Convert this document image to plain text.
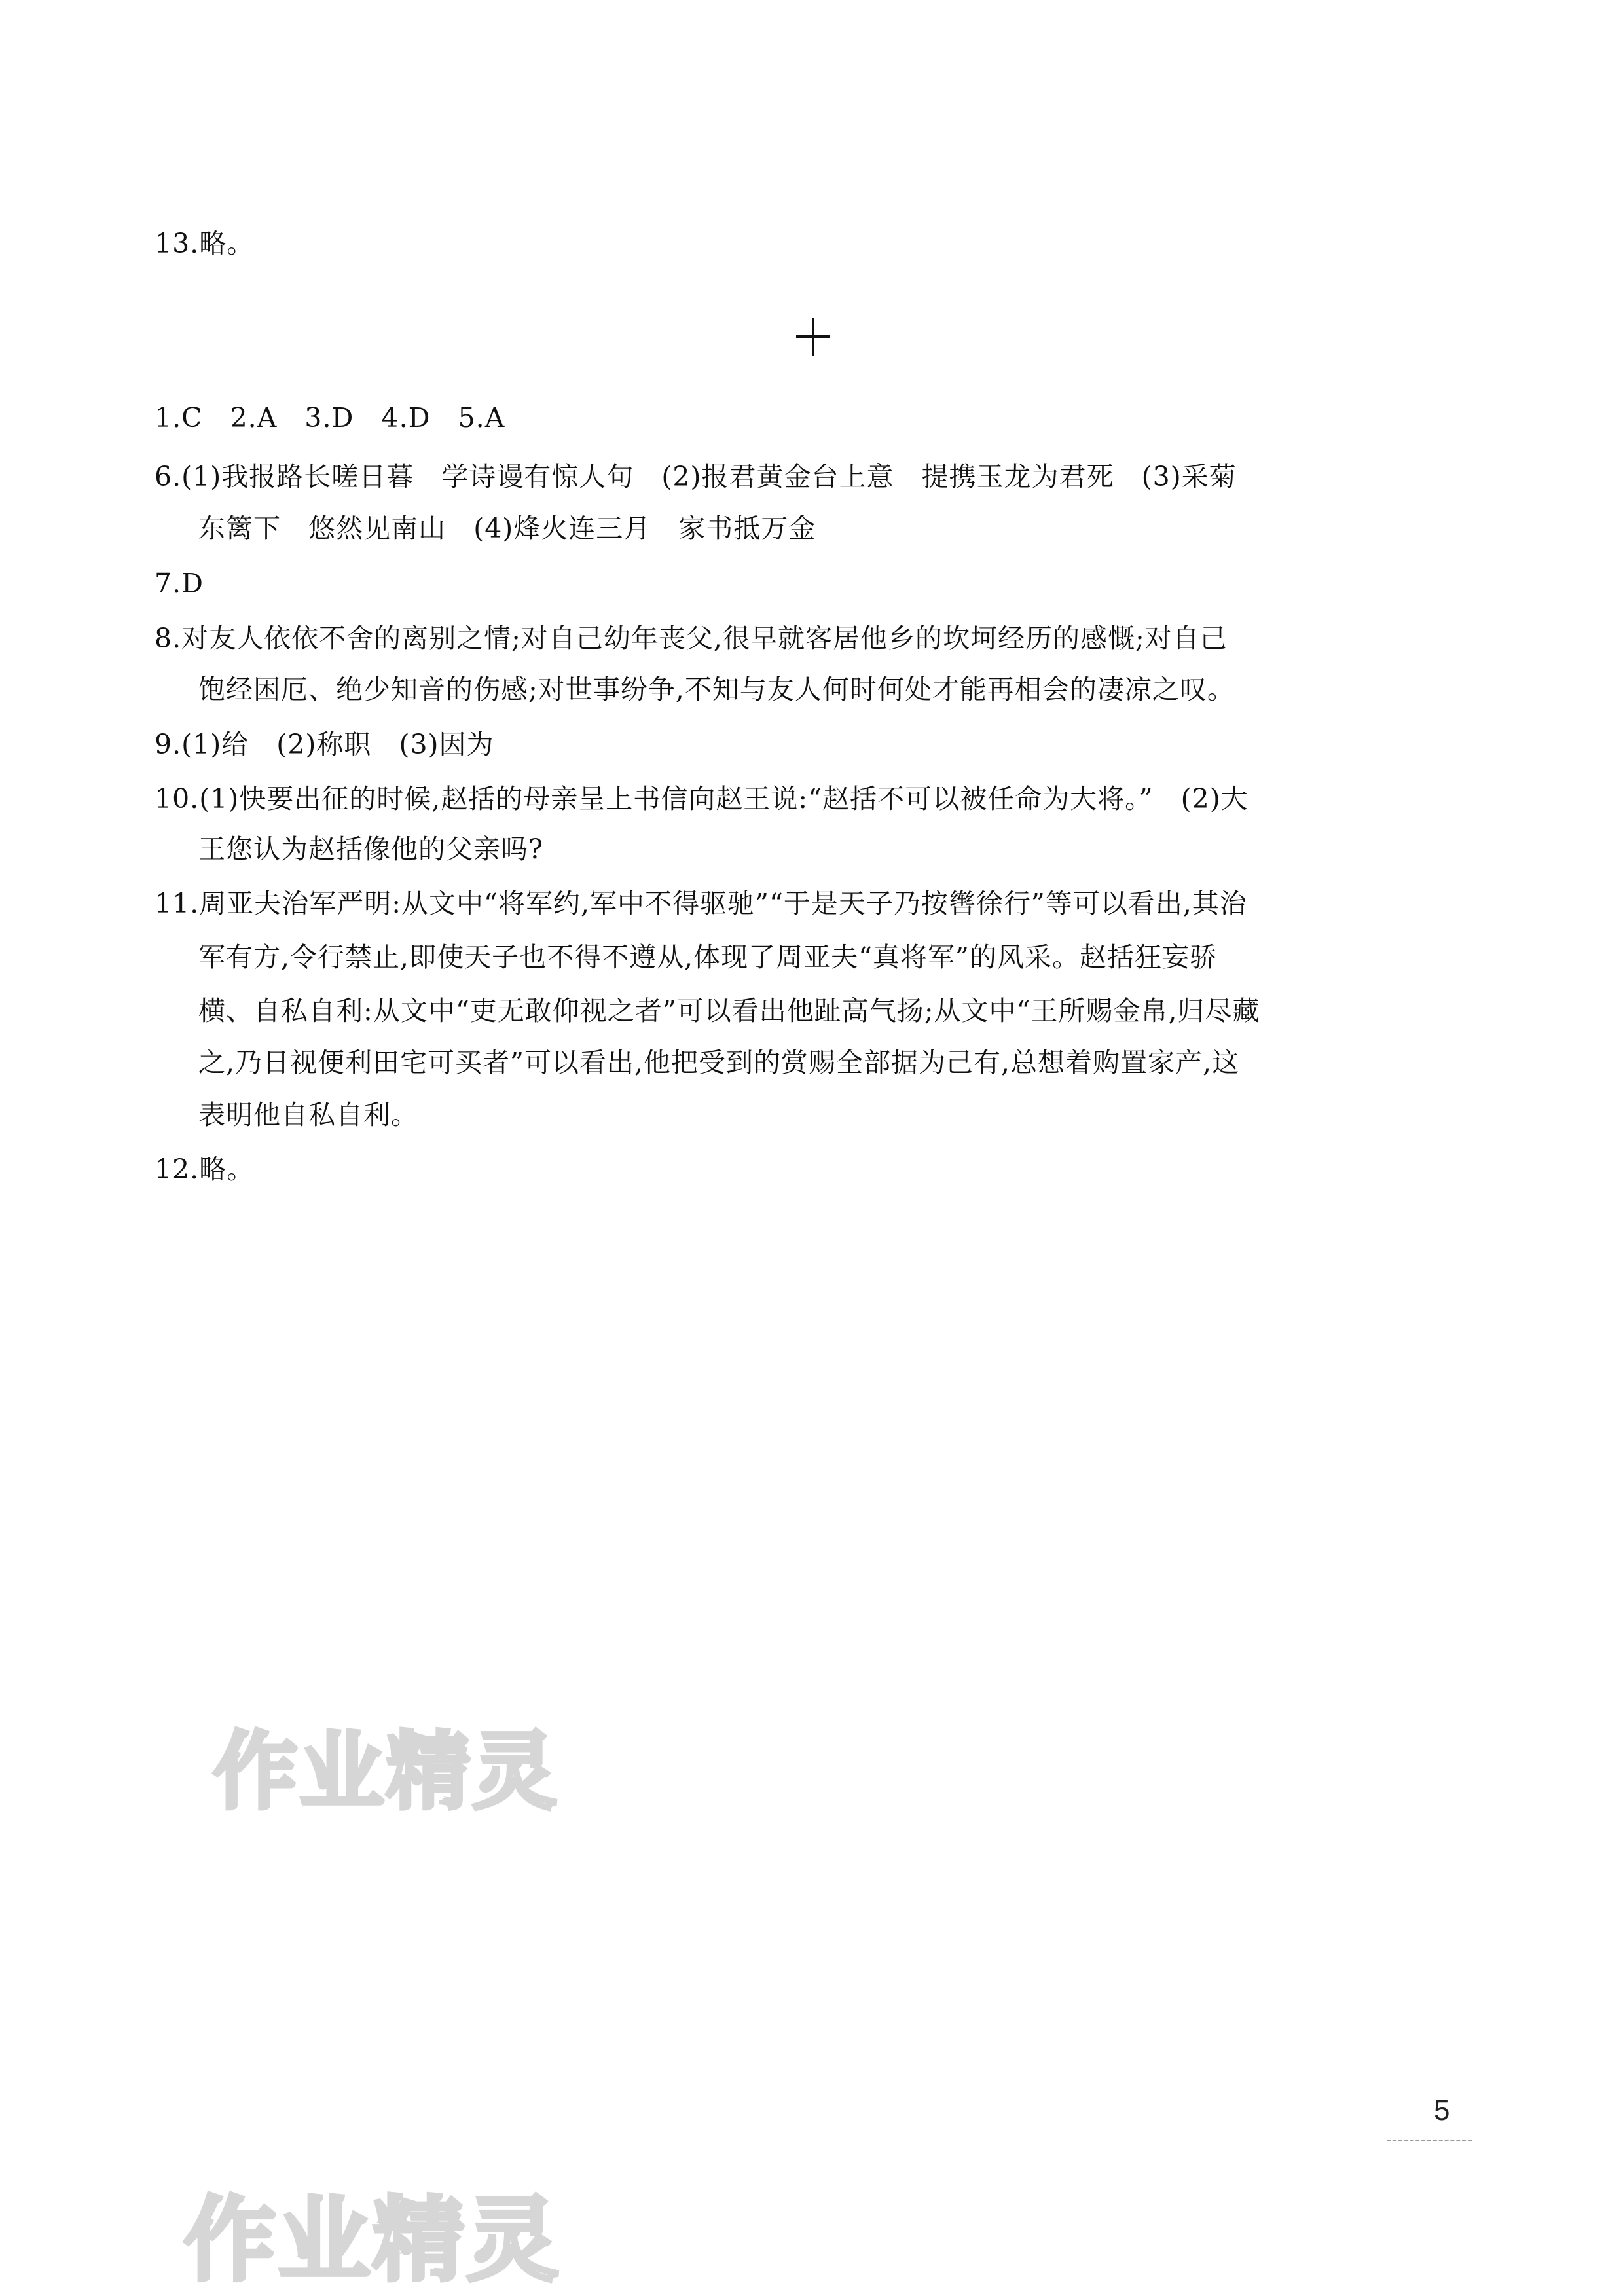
13.略。
1.C   2.A   3.D   4.D   5.A
6.(1)我报路长嗟日暮   学诗谩有惊人句   (2)报君黄金台上意   提携玉龙为君死   (3)采菊
东篱下   悠然见南山   (4)烽火连三月   家书抵万金
7.D
8.对友人依依不舍的离别之情;对自己幼年丧父,很早就客居他乡的坎坷经历的感慨;对自己
饱经困厄、绝少知音的伤感;对世事纷争,不知与友人何时何处才能再相会的凄凉之叹。
9.(1)给   (2)称职   (3)因为
10.(1)快要出征的时候,赵括的母亲呈上书信向赵王说:“赵括不可以被任命为大将。”   (2)大
王您认为赵括像他的父亲吗?
11.周亚夫治军严明:从文中“将军约,军中不得驱驰”“于是天子乃按辔徐行”等可以看出,其治
军有方,令行禁止,即使天子也不得不遵从,体现了周亚夫“真将军”的风采。赵括狂妄骄
横、自私自利:从文中“吏无敢仰视之者”可以看出他趾高气扬;从文中“王所赐金帛,归尽藏
之,乃日视便利田宅可买者”可以看出,他把受到的赏赐全部据为己有,总想着购置家产,这
表明他自私自利。
12.略。
作业精灵
作业精灵
5
